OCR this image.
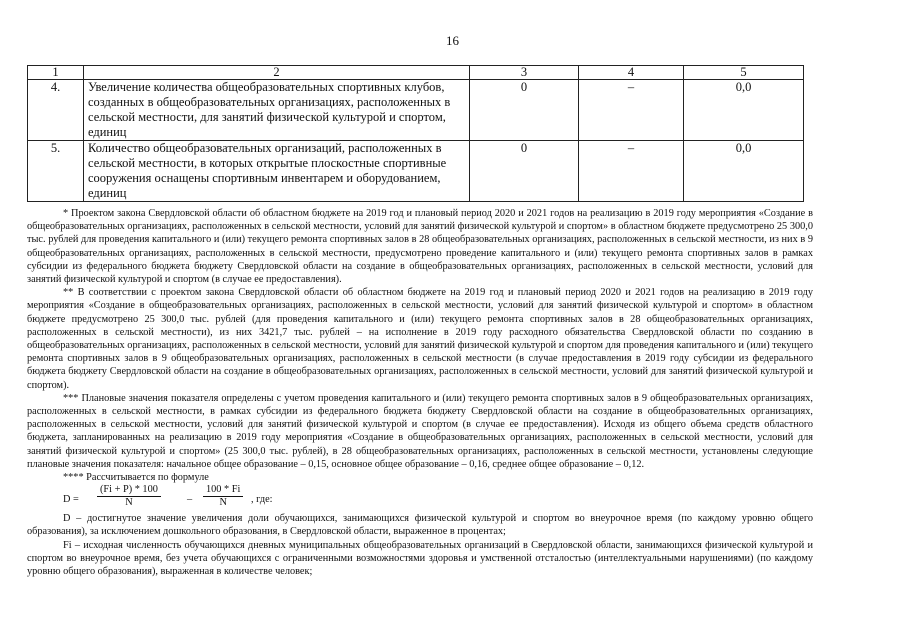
16
1	2	3	4	5
4.	Увеличение количества общеобразовательных спортивных клубов, созданных в общеобразовательных организациях, расположенных в сельской местности, для занятий физической культурой и спортом, единиц	0	–	0,0
5.	Количество общеобразовательных организаций, расположенных в сельской местности, в которых открытые плоскостные спортивные сооружения оснащены спортивным инвентарем и оборудованием, единиц	0	–	0,0

* Проектом закона Свердловской области об областном бюджете на 2019 год и плановый период 2020 и 2021 годов на реализацию в 2019 году мероприятия «Создание в общеобразовательных организациях, расположенных в сельской местности, условий для занятий физической культурой и спортом» в областном бюджете предусмотрено 25 300,0 тыс. рублей для проведения капитального и (или) текущего ремонта спортивных залов в 28 общеобразовательных организациях, расположенных в сельской местности, из них в 9 общеобразовательных организациях, расположенных в сельской местности, предусмотрено проведение капитального и (или) текущего ремонта спортивных залов в рамках субсидии из федерального бюджета бюджету Свердловской области на создание в общеобразовательных организациях, расположенных в сельской местности, условий для занятий физической культурой и спортом (в случае ее предоставления).

** В соответствии с проектом закона Свердловской области об областном бюджете на 2019 год и плановый период 2020 и 2021 годов на реализацию в 2019 году мероприятия «Создание в общеобразовательных организациях, расположенных в сельской местности, условий для занятий физической культурой и спортом» в областном бюджете предусмотрено 25 300,0 тыс. рублей (для проведения капитального и (или) текущего ремонта спортивных залов в 28 общеобразовательных организациях, расположенных в сельской местности), из них 3421,7 тыс. рублей – на исполнение в 2019 году расходного обязательства Свердловской области по созданию в общеобразовательных организациях, расположенных в сельской местности, условий для занятий физической культурой и спортом для проведения капитального и (или) текущего ремонта спортивных залов в 9 общеобразовательных организациях, расположенных в сельской местности (в случае предоставления в 2019 году субсидии из федерального бюджета бюджету Свердловской области на создание в общеобразовательных организациях, расположенных в сельской местности, условий для занятий физической культурой и спортом).

*** Плановые значения показателя определены с учетом проведения капитального и (или) текущего ремонта спортивных залов в 9 общеобразовательных организациях, расположенных в сельской местности, в рамках субсидии из федерального бюджета бюджету Свердловской области на создание в общеобразовательных организациях, расположенных в сельской местности, условий для занятий физической культурой и спортом (в случае ее предоставления). Исходя из общего объема средств областного бюджета, запланированных на реализацию в 2019 году мероприятия «Создание в общеобразовательных организациях, расположенных в сельской местности, условий для занятий физической культурой и спортом» (25 300,0 тыс. рублей), в 28 общеобразовательных организациях, расположенных в сельской местности, установлены следующие плановые значения показателя: начальное общее образование – 0,15, основное общее образование – 0,16, среднее общее образование – 0,12.

**** Рассчитывается по формуле

$D = \frac{(Fi + P) * 100}{N}$	– $\frac{100 * Fi}{N}$ , где:

D – достигнутое значение увеличения доли обучающихся, занимающихся физической культурой и спортом во внеурочное время (по каждому уровню общего образования), за исключением дошкольного образования, в Свердловской области, выраженное в процентах;

Fi – исходная численность обучающихся дневных муниципальных общеобразовательных организаций в Свердловской области, занимающихся физической культурой и спортом во внеурочное время, без учета обучающихся с ограниченными возможностями здоровья и умственной отсталостью (интеллектуальными нарушениями) (по каждому уровню общего образования), выраженная в количестве человек;
